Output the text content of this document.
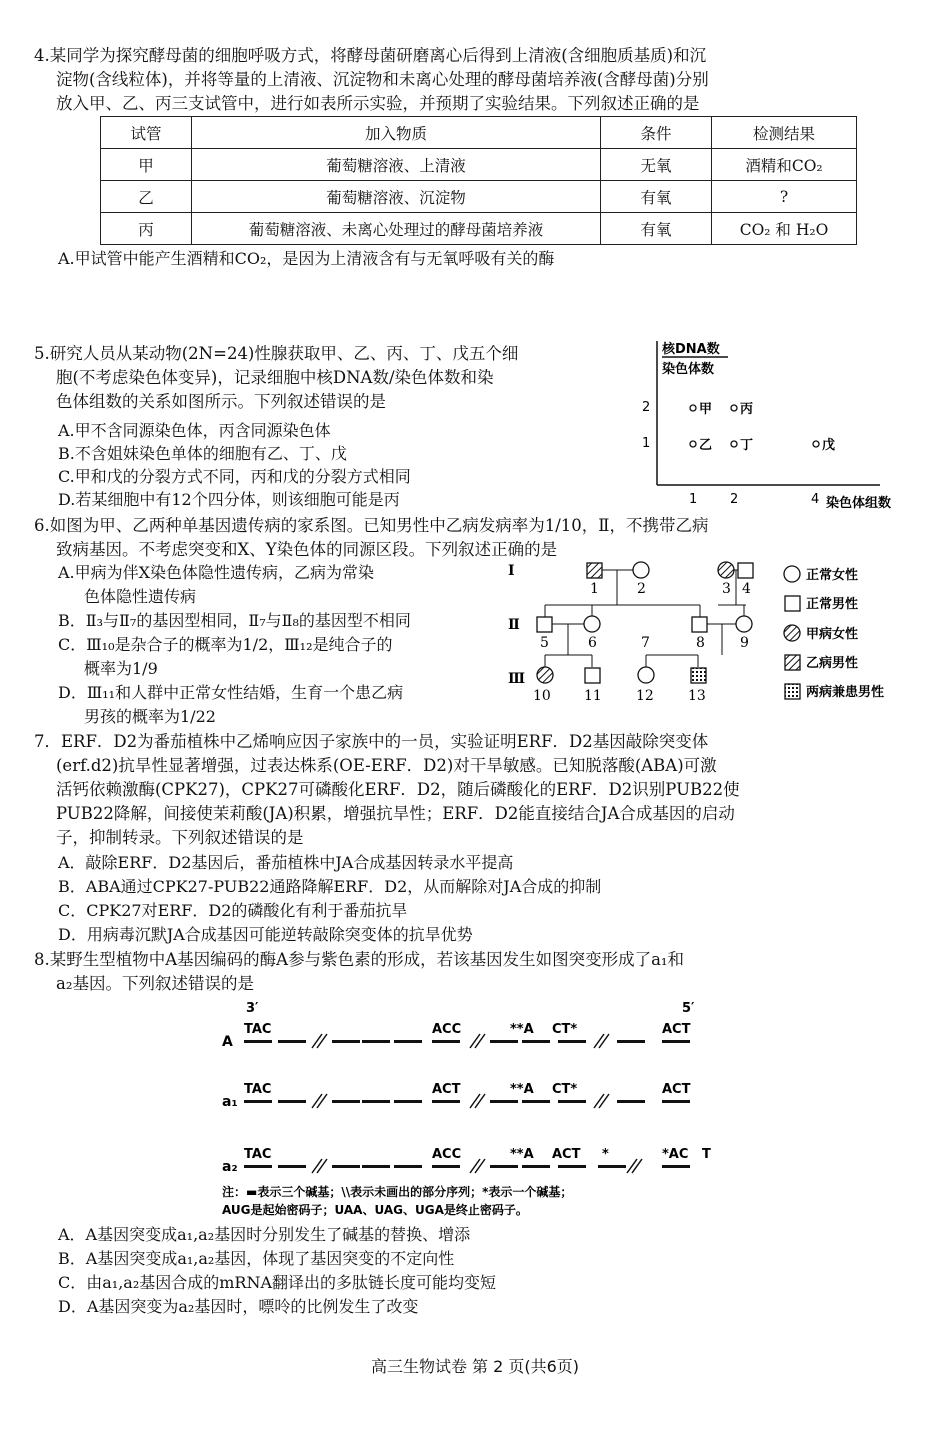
4.某同学为探究酵母菌的细胞呼吸方式，将酵母菌研磨离心后得到上清液(含细胞质基质)和沉
淀物(含线粒体)，并将等量的上清液、沉淀物和未离心处理的酵母菌培养液(含酵母菌)分别
放入甲、乙、丙三支试管中，进行如表所示实验，并预期了实验结果。下列叙述正确的是
试管	加入物质	条件	检测结果
甲	葡萄糖溶液、上清液	无氧	酒精和CO₂
乙	葡萄糖溶液、沉淀物	有氧	?
丙	葡萄糖溶液、未离心处理过的酵母菌培养液	有氧	CO₂ 和 H₂O
A.甲试管中能产生酒精和CO₂，是因为上清液含有与无氧呼吸有关的酶
5.研究人员从某动物(2N=24)性腺获取甲、乙、丙、丁、戊五个细
胞(不考虑染色体变异)，记录细胞中核DNA数/染色体数和染
色体组数的关系如图所示。下列叙述错误的是
A.甲不含同源染色体，丙含同源染色体
B.不含姐妹染色单体的细胞有乙、丁、戊
C.甲和戊的分裂方式不同，丙和戊的分裂方式相同
D.若某细胞中有12个四分体，则该细胞可能是丙
核DNA数
染色体数
2
1
1	2	4 染色体组数
甲 丙
乙 丁	戊
6.如图为甲、乙两种单基因遗传病的家系图。已知男性中乙病发病率为1/10，Ⅱ，不携带乙病
致病基因。不考虑突变和X、Y染色体的同源区段。下列叙述正确的是
A.甲病为伴X染色体隐性遗传病，乙病为常染
色体隐性遗传病
B．Ⅱ₃与Ⅱ₇的基因型相同，Ⅱ₇与Ⅱ₈的基因型不相同
C．Ⅲ₁₀是杂合子的概率为1/2，Ⅲ₁₂是纯合子的
概率为1/9
D．Ⅲ₁₁和人群中正常女性结婚，生育一个患乙病
男孩的概率为1/22
Ⅰ
Ⅱ
Ⅲ
1	2	3 4
5	6	7	8	9
10 11 12 13
正常女性
正常男性
甲病女性
乙病男性
两病兼患男性
7．ERF．D2为番茄植株中乙烯响应因子家族中的一员，实验证明ERF．D2基因敲除突变体
(erf.d2)抗旱性显著增强，过表达株系(OE-ERF．D2)对干旱敏感。已知脱落酸(ABA)可激
活钙依赖激酶(CPK27)，CPK27可磷酸化ERF．D2，随后磷酸化的ERF．D2识别PUB22使
PUB22降解，间接使茉莉酸(JA)积累，增强抗旱性；ERF．D2能直接结合JA合成基因的启动
子，抑制转录。下列叙述错误的是
A．敲除ERF．D2基因后，番茄植株中JA合成基因转录水平提高
B．ABA通过CPK27-PUB22通路降解ERF．D2，从而解除对JA合成的抑制
C．CPK27对ERF．D2的磷酸化有利于番茄抗旱
D．用病毒沉默JA合成基因可能逆转敲除突变体的抗旱优势
8.某野生型植物中A基因编码的酶A参与紫色素的形成，若该基因发生如图突变形成了a₁和
a₂基因。下列叙述错误的是
3′	5′
A
TAC	ACC	**A CT*	ACT
a₁
TAC	ACT	**A CT*	ACT
a₂
TAC	ACC	**A ACT *	*AC T
注：▬表示三个碱基；\\表示未画出的部分序列；*表示一个碱基；
AUG是起始密码子；UAA、UAG、UGA是终止密码子。
A．A基因突变成a₁,a₂基因时分别发生了碱基的替换、增添
B．A基因突变成a₁,a₂基因，体现了基因突变的不定向性
C．由a₁,a₂基因合成的mRNA翻译出的多肽链长度可能均变短
D．A基因突变为a₂基因时，嘌呤的比例发生了改变
高三生物试卷 第 2 页(共6页)
